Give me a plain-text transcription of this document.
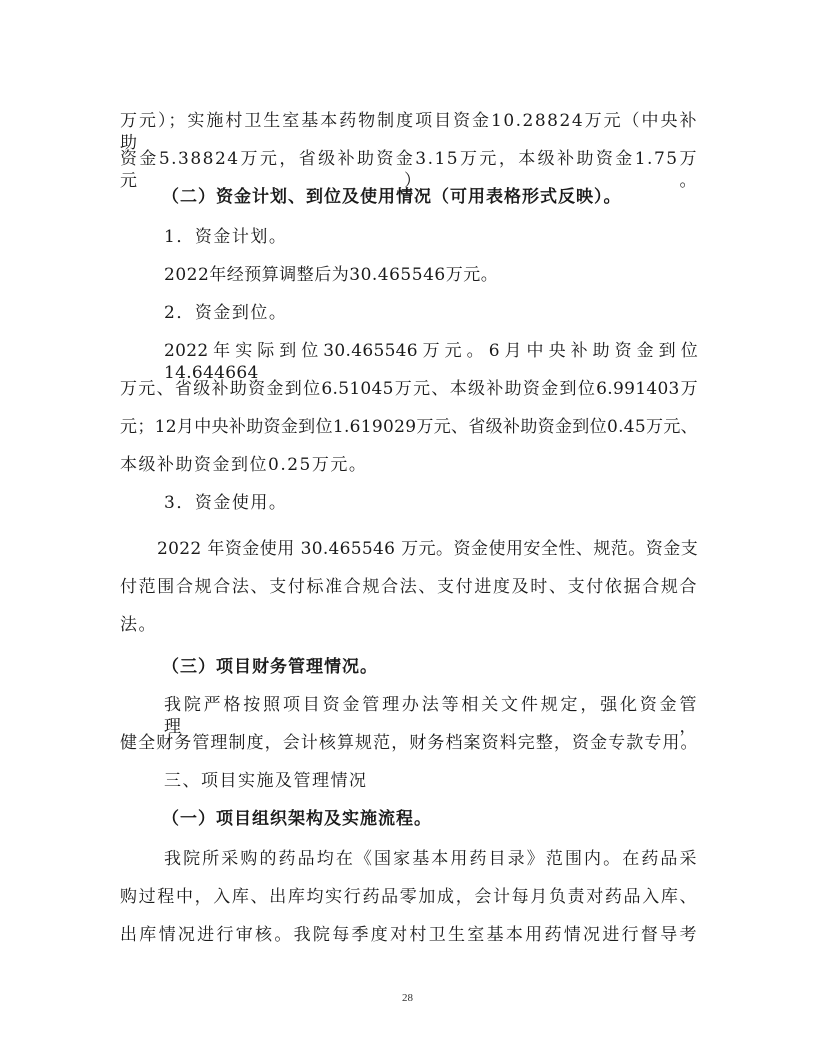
万元）；实施村卫生室基本药物制度项目资金10.28824万元（中央补助
资金5.38824万元，省级补助资金3.15万元，本级补助资金1.75万元）。
（二）资金计划、到位及使用情况（可用表格形式反映）。
1．资金计划。
2022年经预算调整后为30.465546万元。
2．资金到位。
2022年实际到位30.465546万元。6月中央补助资金到位14.644664
万元、省级补助资金到位6.51045万元、本级补助资金到位6.991403万
元；12月中央补助资金到位1.619029万元、省级补助资金到位0.45万元、
本级补助资金到位0.25万元。
3．资金使用。
2022 年资金使用 30.465546 万元。资金使用安全性、规范。资金支
付范围合规合法、支付标准合规合法、支付进度及时、支付依据合规合
法。
（三）项目财务管理情况。
我院严格按照项目资金管理办法等相关文件规定，强化资金管理，
健全财务管理制度，会计核算规范，财务档案资料完整，资金专款专用。
三、项目实施及管理情况
（一）项目组织架构及实施流程。
我院所采购的药品均在《国家基本用药目录》范围内。在药品采
购过程中，入库、出库均实行药品零加成，会计每月负责对药品入库、
出库情况进行审核。我院每季度对村卫生室基本用药情况进行督导考
28
